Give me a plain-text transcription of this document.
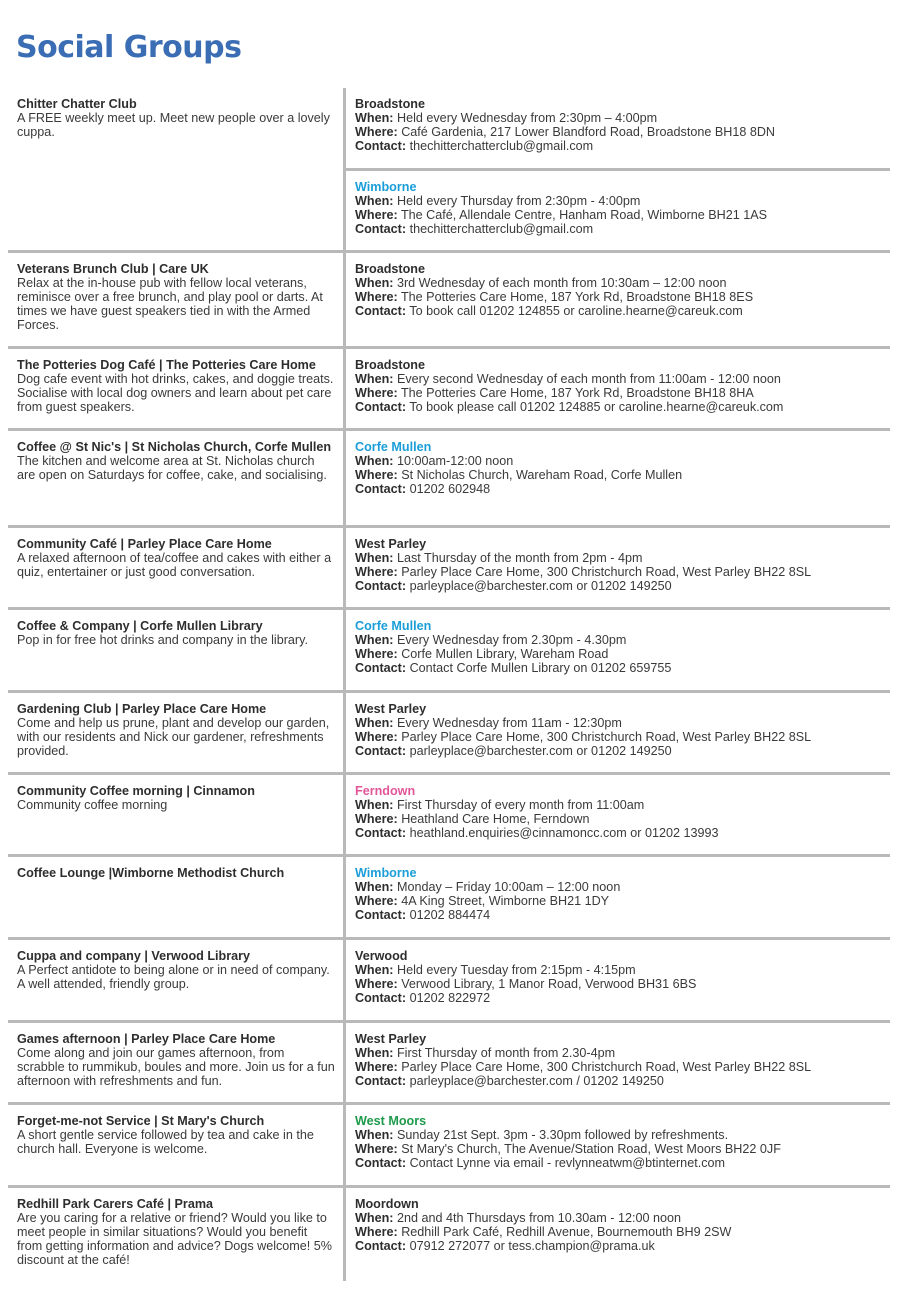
Social Groups
Chitter Chatter Club
A FREE weekly meet up. Meet new people over a lovely cuppa.
Broadstone
When: Held every Wednesday from 2:30pm – 4:00pm
Where: Café Gardenia, 217 Lower Blandford Road, Broadstone BH18 8DN
Contact: thechitterchatterclub@gmail.com
Wimborne
When: Held every Thursday from 2:30pm - 4:00pm
Where: The Café, Allendale Centre, Hanham Road, Wimborne BH21 1AS
Contact: thechitterchatterclub@gmail.com
Veterans Brunch Club | Care UK
Relax at the in-house pub with fellow local veterans, reminisce over a free brunch, and play pool or darts. At times we have guest speakers tied in with the Armed Forces.
Broadstone
When: 3rd Wednesday of each month from 10:30am – 12:00 noon
Where: The Potteries Care Home, 187 York Rd, Broadstone BH18 8ES
Contact: To book call 01202 124855 or caroline.hearne@careuk.com
The Potteries Dog Café | The Potteries Care Home
Dog cafe event with hot drinks, cakes, and doggie treats. Socialise with local dog owners and learn about pet care from guest speakers.
Broadstone
When: Every second Wednesday of each month from 11:00am - 12:00 noon
Where: The Potteries Care Home, 187 York Rd, Broadstone BH18 8HA
Contact: To book please call 01202 124885 or caroline.hearne@careuk.com
Coffee @ St Nic's | St Nicholas Church, Corfe Mullen
The kitchen and welcome area at St. Nicholas church are open on Saturdays for coffee, cake, and socialising.
Corfe Mullen
When: 10:00am-12:00 noon
Where: St Nicholas Church, Wareham Road, Corfe Mullen
Contact: 01202 602948
Community Café | Parley Place Care Home
A relaxed afternoon of tea/coffee and cakes with either a quiz, entertainer or just good conversation.
West Parley
When: Last Thursday of the month from 2pm - 4pm
Where: Parley Place Care Home, 300 Christchurch Road, West Parley BH22 8SL
Contact: parleyplace@barchester.com or 01202 149250
Coffee & Company | Corfe Mullen Library
Pop in for free hot drinks and company in the library.
Corfe Mullen
When: Every Wednesday from 2.30pm - 4.30pm
Where: Corfe Mullen Library, Wareham Road
Contact: Contact Corfe Mullen Library on 01202 659755
Gardening Club | Parley Place Care Home
Come and help us prune, plant and develop our garden, with our residents and Nick our gardener, refreshments provided.
West Parley
When: Every Wednesday from 11am - 12:30pm
Where: Parley Place Care Home, 300 Christchurch Road, West Parley BH22 8SL
Contact: parleyplace@barchester.com or 01202 149250
Community Coffee morning | Cinnamon
Community coffee morning
Ferndown
When: First Thursday of every month from 11:00am
Where: Heathland Care Home, Ferndown
Contact: heathland.enquiries@cinnamoncc.com or 01202 13993
Coffee Lounge |Wimborne Methodist Church	Wimborne
When: Monday – Friday 10:00am – 12:00 noon
Where: 4A King Street, Wimborne BH21 1DY
Contact: 01202 884474
Cuppa and company | Verwood Library
A Perfect antidote to being alone or in need of company. A well attended, friendly group.
Verwood
When: Held every Tuesday from 2:15pm - 4:15pm
Where: Verwood Library, 1 Manor Road, Verwood BH31 6BS
Contact: 01202 822972
Games afternoon | Parley Place Care Home
Come along and join our games afternoon, from scrabble to rummikub, boules and more. Join us for a fun afternoon with refreshments and fun.
West Parley
When: First Thursday of month from 2.30-4pm
Where: Parley Place Care Home, 300 Christchurch Road, West Parley BH22 8SL
Contact: parleyplace@barchester.com / 01202 149250
Forget-me-not Service | St Mary's Church
A short gentle service followed by tea and cake in the church hall. Everyone is welcome.
West Moors
When: Sunday 21st Sept. 3pm - 3.30pm followed by refreshments.
Where: St Mary's Church, The Avenue/Station Road, West Moors BH22 0JF
Contact: Contact Lynne via email - revlynneatwm@btinternet.com
Redhill Park Carers Café | Prama
Are you caring for a relative or friend? Would you like to meet people in similar situations? Would you benefit from getting information and advice? Dogs welcome! 5% discount at the café!
Moordown
When: 2nd and 4th Thursdays from 10.30am - 12:00 noon
Where: Redhill Park Café, Redhill Avenue, Bournemouth BH9 2SW
Contact: 07912 272077 or tess.champion@prama.uk
